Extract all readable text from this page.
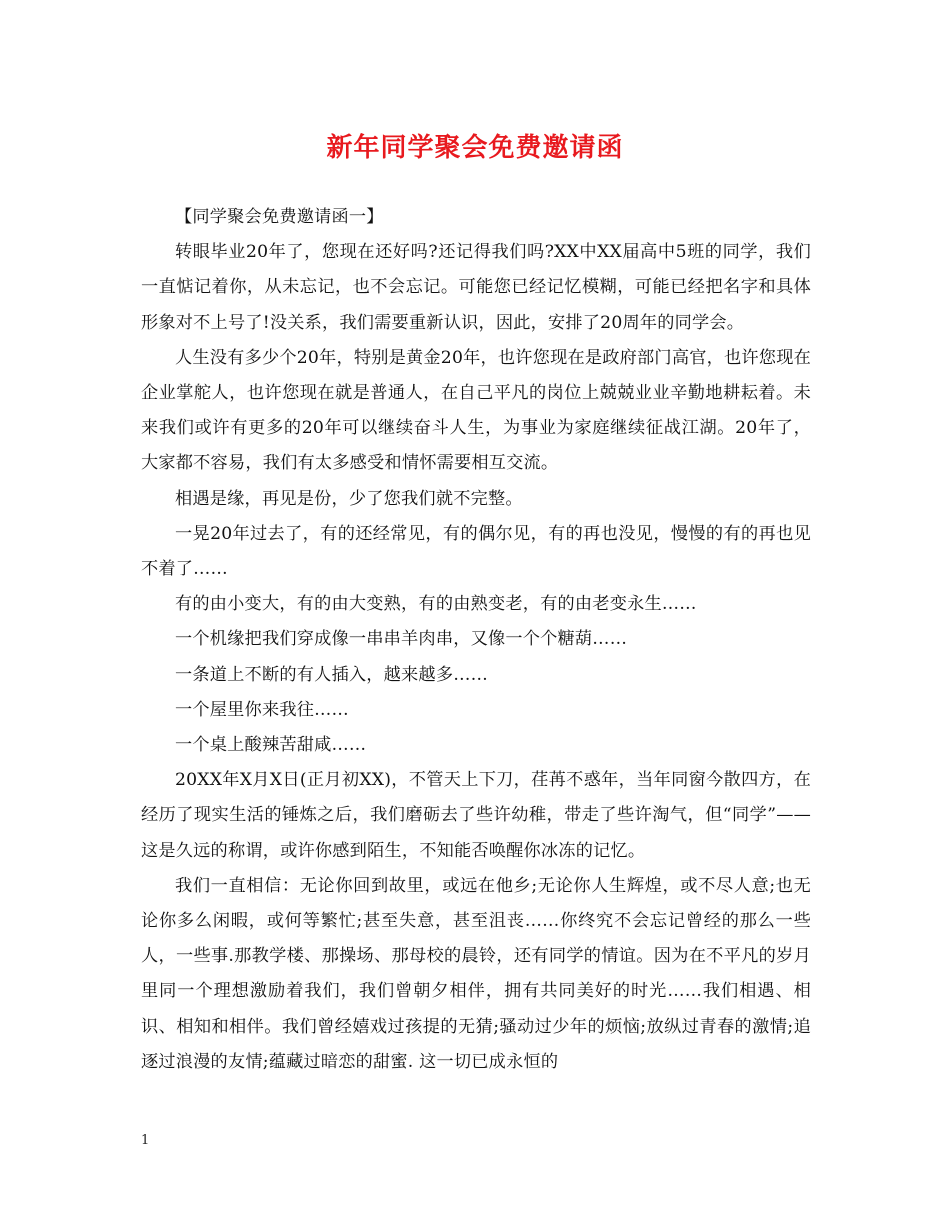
新年同学聚会免费邀请函

【同学聚会免费邀请函一】

转眼毕业20年了，您现在还好吗?还记得我们吗?XX中XX届高中5班的同学，我们一直惦记着你，从未忘记，也不会忘记。可能您已经记忆模糊，可能已经把名字和具体形象对不上号了!没关系，我们需要重新认识，因此，安排了20周年的同学会。

人生没有多少个20年，特别是黄金20年，也许您现在是政府部门高官，也许您现在企业掌舵人，也许您现在就是普通人，在自己平凡的岗位上兢兢业业辛勤地耕耘着。未来我们或许有更多的20年可以继续奋斗人生，为事业为家庭继续征战江湖。20年了，大家都不容易，我们有太多感受和情怀需要相互交流。

相遇是缘，再见是份，少了您我们就不完整。

一晃20年过去了，有的还经常见，有的偶尔见，有的再也没见，慢慢的有的再也见不着了……

有的由小变大，有的由大变熟，有的由熟变老，有的由老变永生……

一个机缘把我们穿成像一串串羊肉串，又像一个个糖葫……

一条道上不断的有人插入，越来越多……

一个屋里你来我往……

一个桌上酸辣苦甜咸……

20XX年X月X日(正月初XX)，不管天上下刀，荏苒不惑年，当年同窗今散四方，在经历了现实生活的锤炼之后，我们磨砺去了些许幼稚，带走了些许淘气，但“同学”——这是久远的称谓，或许你感到陌生，不知能否唤醒你冰冻的记忆。

我们一直相信：无论你回到故里，或远在他乡;无论你人生辉煌，或不尽人意;也无论你多么闲暇，或何等繁忙;甚至失意，甚至沮丧……你终究不会忘记曾经的那么一些人，一些事.那教学楼、那操场、那母校的晨铃，还有同学的情谊。因为在不平凡的岁月里同一个理想激励着我们，我们曾朝夕相伴，拥有共同美好的时光……我们相遇、相识、相知和相伴。我们曾经嬉戏过孩提的无猜;骚动过少年的烦恼;放纵过青春的激情;追逐过浪漫的友情;蕴藏过暗恋的甜蜜. 这一切已成永恒的

1
